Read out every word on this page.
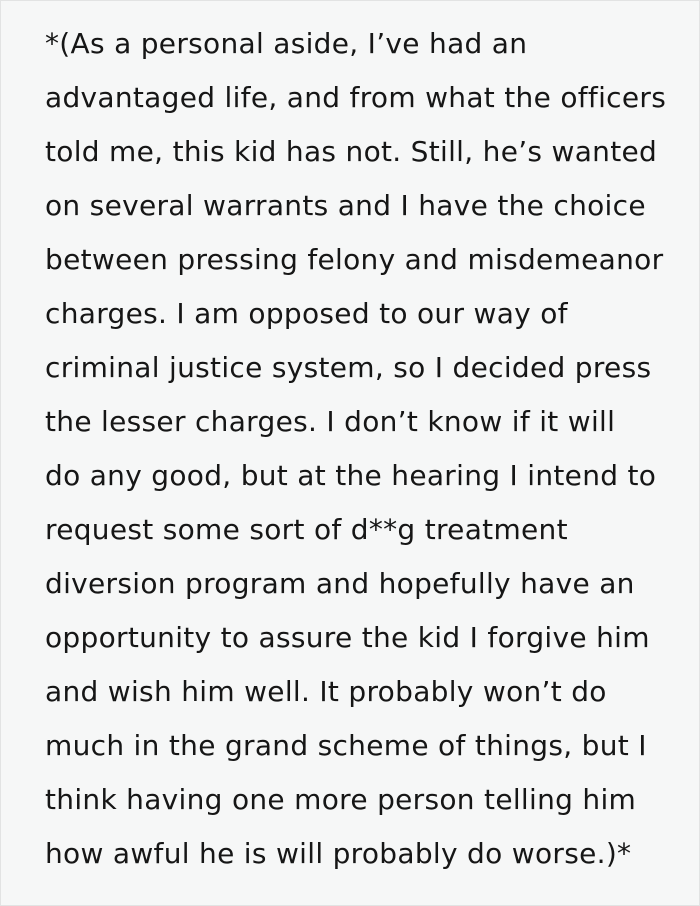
*(As a personal aside, I’ve had an
advantaged life, and from what the officers
told me, this kid has not. Still, he’s wanted
on several warrants and I have the choice
between pressing felony and misdemeanor
charges. I am opposed to our way of
criminal justice system, so I decided press
the lesser charges. I don’t know if it will
do any good, but at the hearing I intend to
request some sort of d**g treatment
diversion program and hopefully have an
opportunity to assure the kid I forgive him
and wish him well. It probably won’t do
much in the grand scheme of things, but I
think having one more person telling him
how awful he is will probably do worse.)*
